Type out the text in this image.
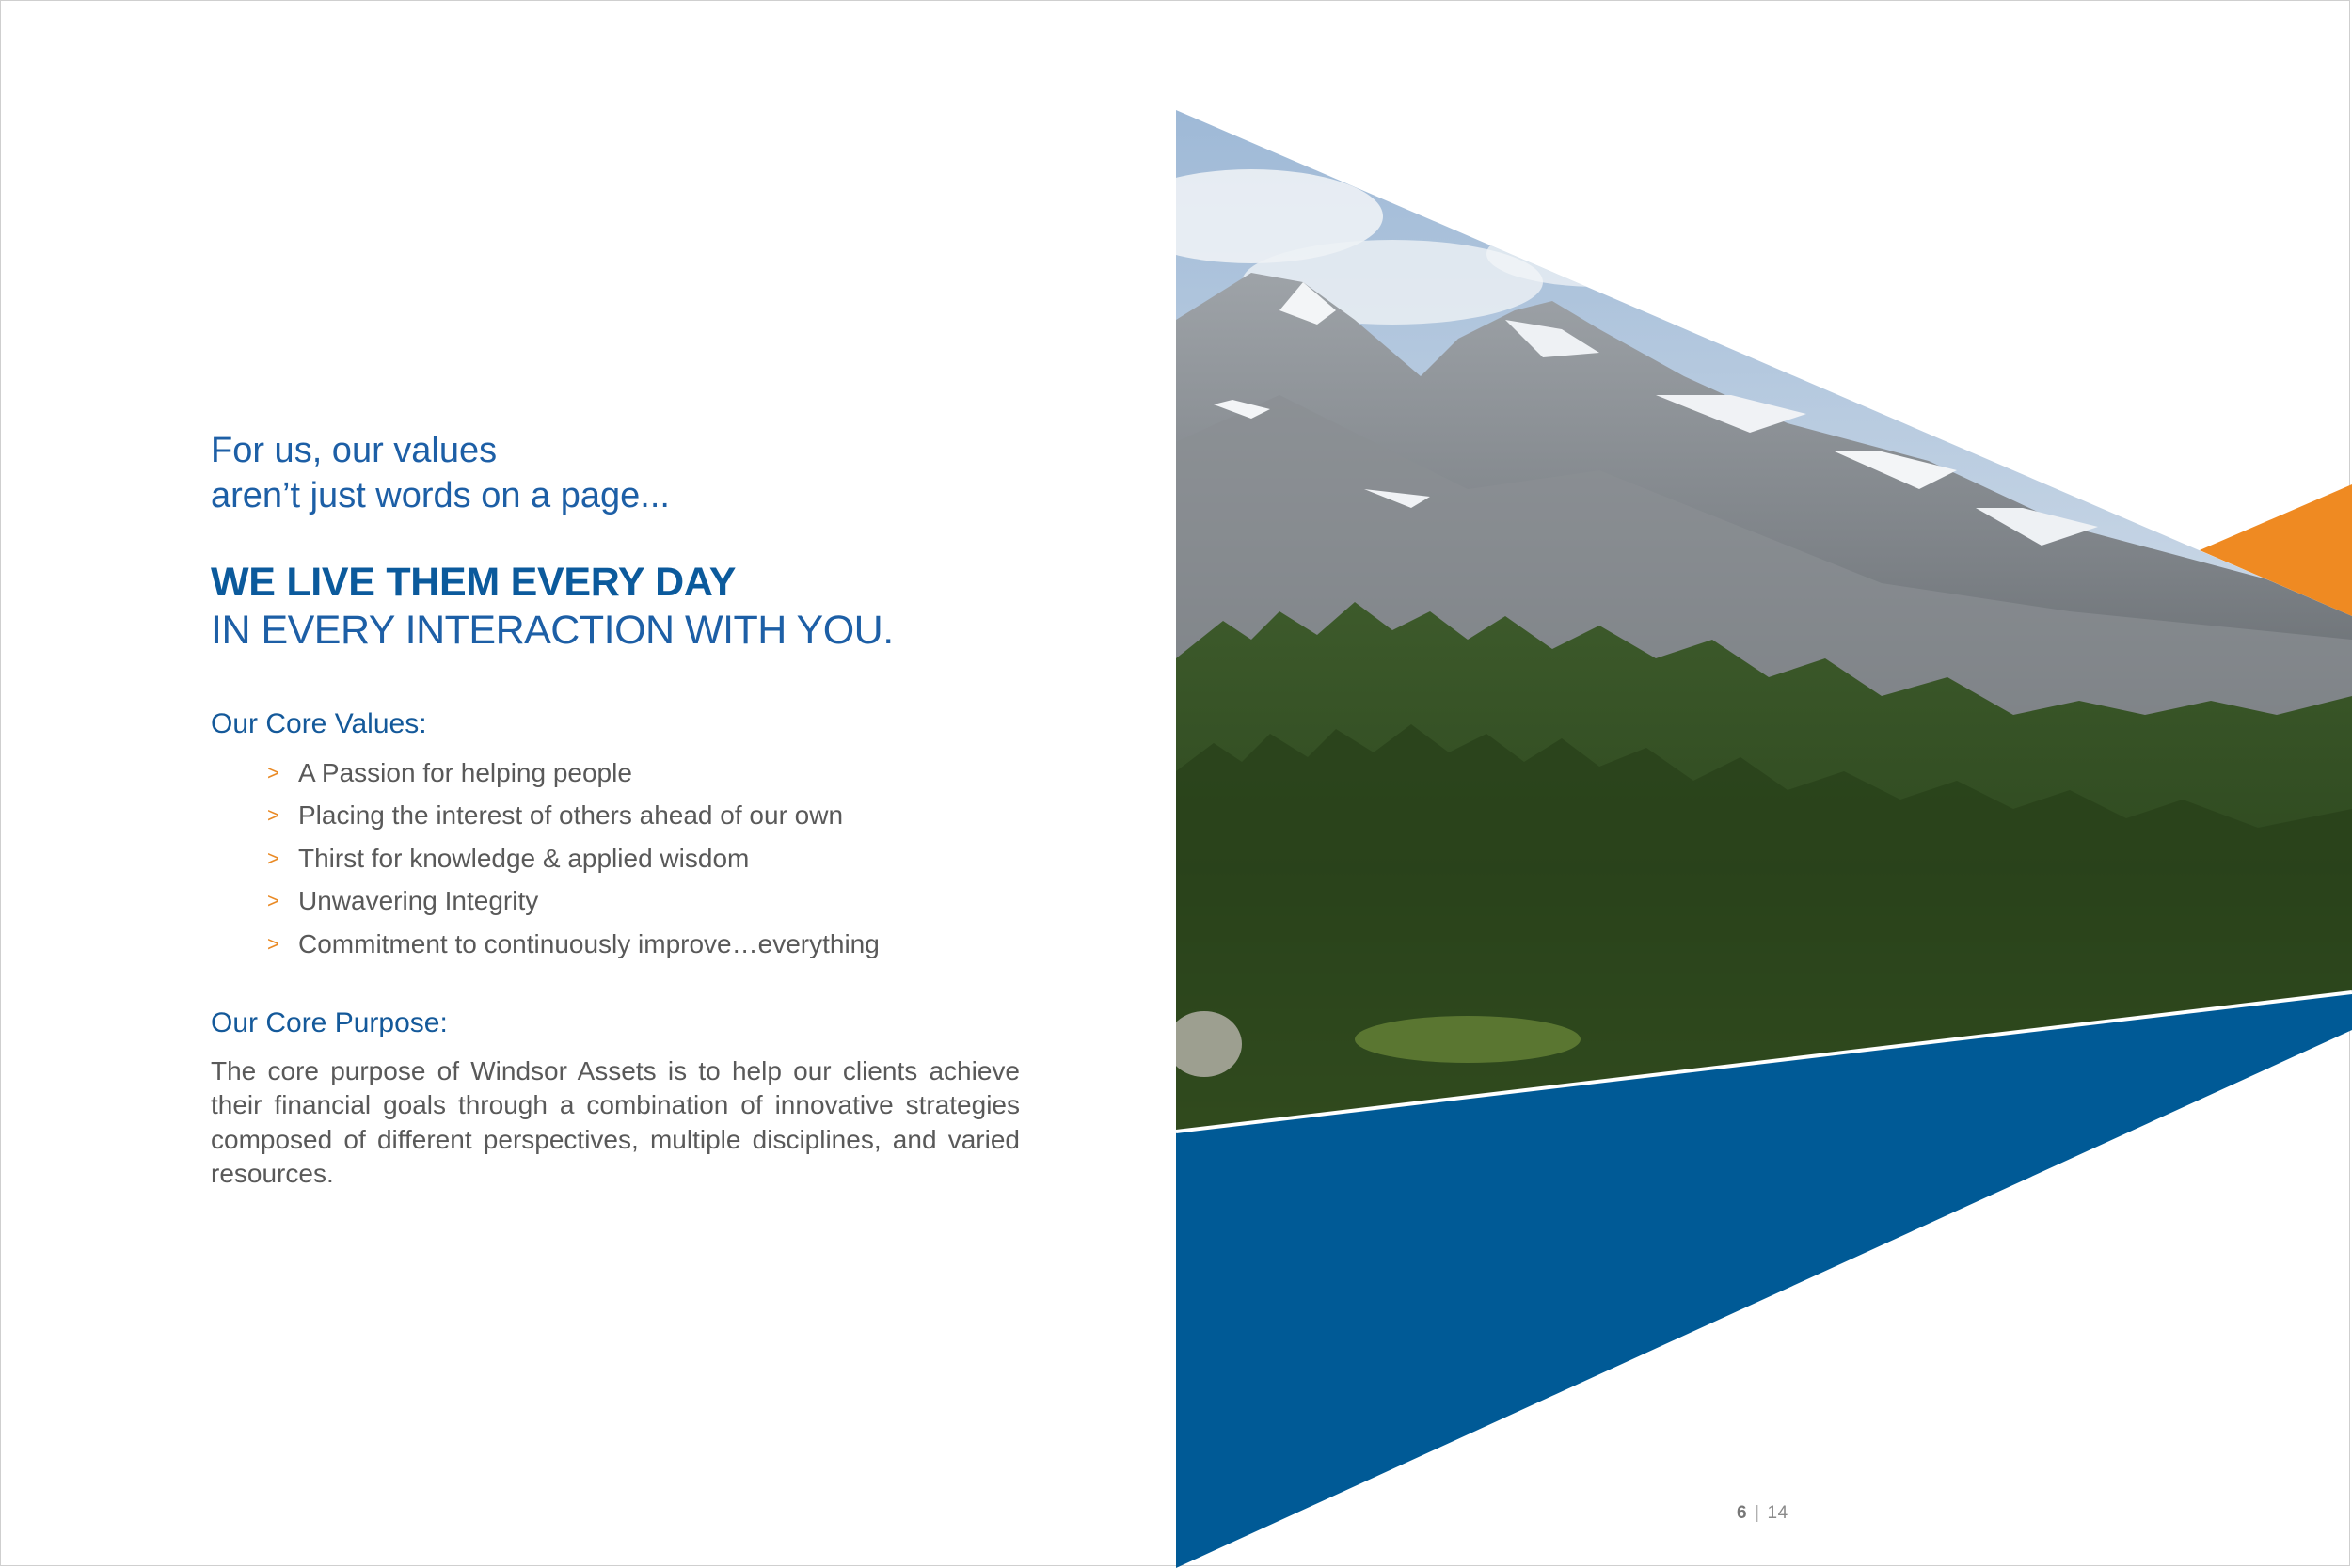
For us, our values
aren’t just words on a page...
WE LIVE THEM EVERY DAY
IN EVERY INTERACTION WITH YOU.
Our Core Values:
> A Passion for helping people
> Placing the interest of others ahead of our own
> Thirst for knowledge & applied wisdom
> Unwavering Integrity
> Commitment to continuously improve…everything
Our Core Purpose:
The core purpose of Windsor Assets is to help our clients achieve their financial goals through a combination of innovative strategies composed of different perspectives, multiple disciplines, and varied resources.
6 | 14
